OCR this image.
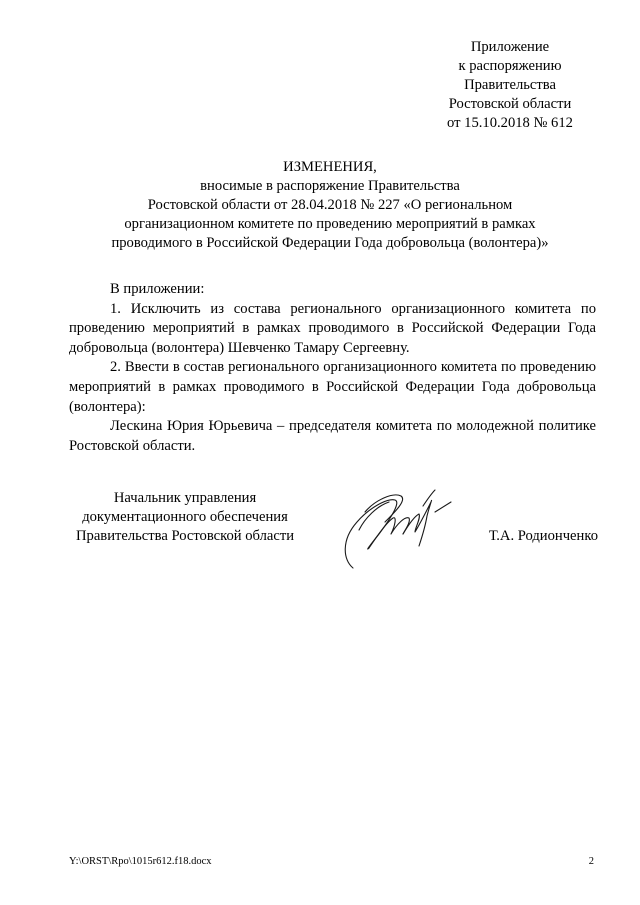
Приложение
к распоряжению
Правительства
Ростовской области
от 15.10.2018 № 612
ИЗМЕНЕНИЯ,
вносимые в распоряжение Правительства
Ростовской области от 28.04.2018 № 227 «О региональном
организационном комитете по проведению мероприятий в рамках
проводимого в Российской Федерации Года добровольца (волонтера)»

В приложении:

1. Исключить из состава регионального организационного комитета по проведению мероприятий в рамках проводимого в Российской Федерации Года добровольца (волонтера) Шевченко Тамару Сергеевну.

2. Ввести в состав регионального организационного комитета по проведению мероприятий в рамках проводимого в Российской Федерации Года добровольца (волонтера):

Лескина Юрия Юрьевича – председателя комитета по молодежной политике Ростовской области.

Начальник управления
документационного обеспечения
Правительства Ростовской области	Т.А. Родионченко
Y:\ORST\Rpo\1015r612.f18.docx	2
